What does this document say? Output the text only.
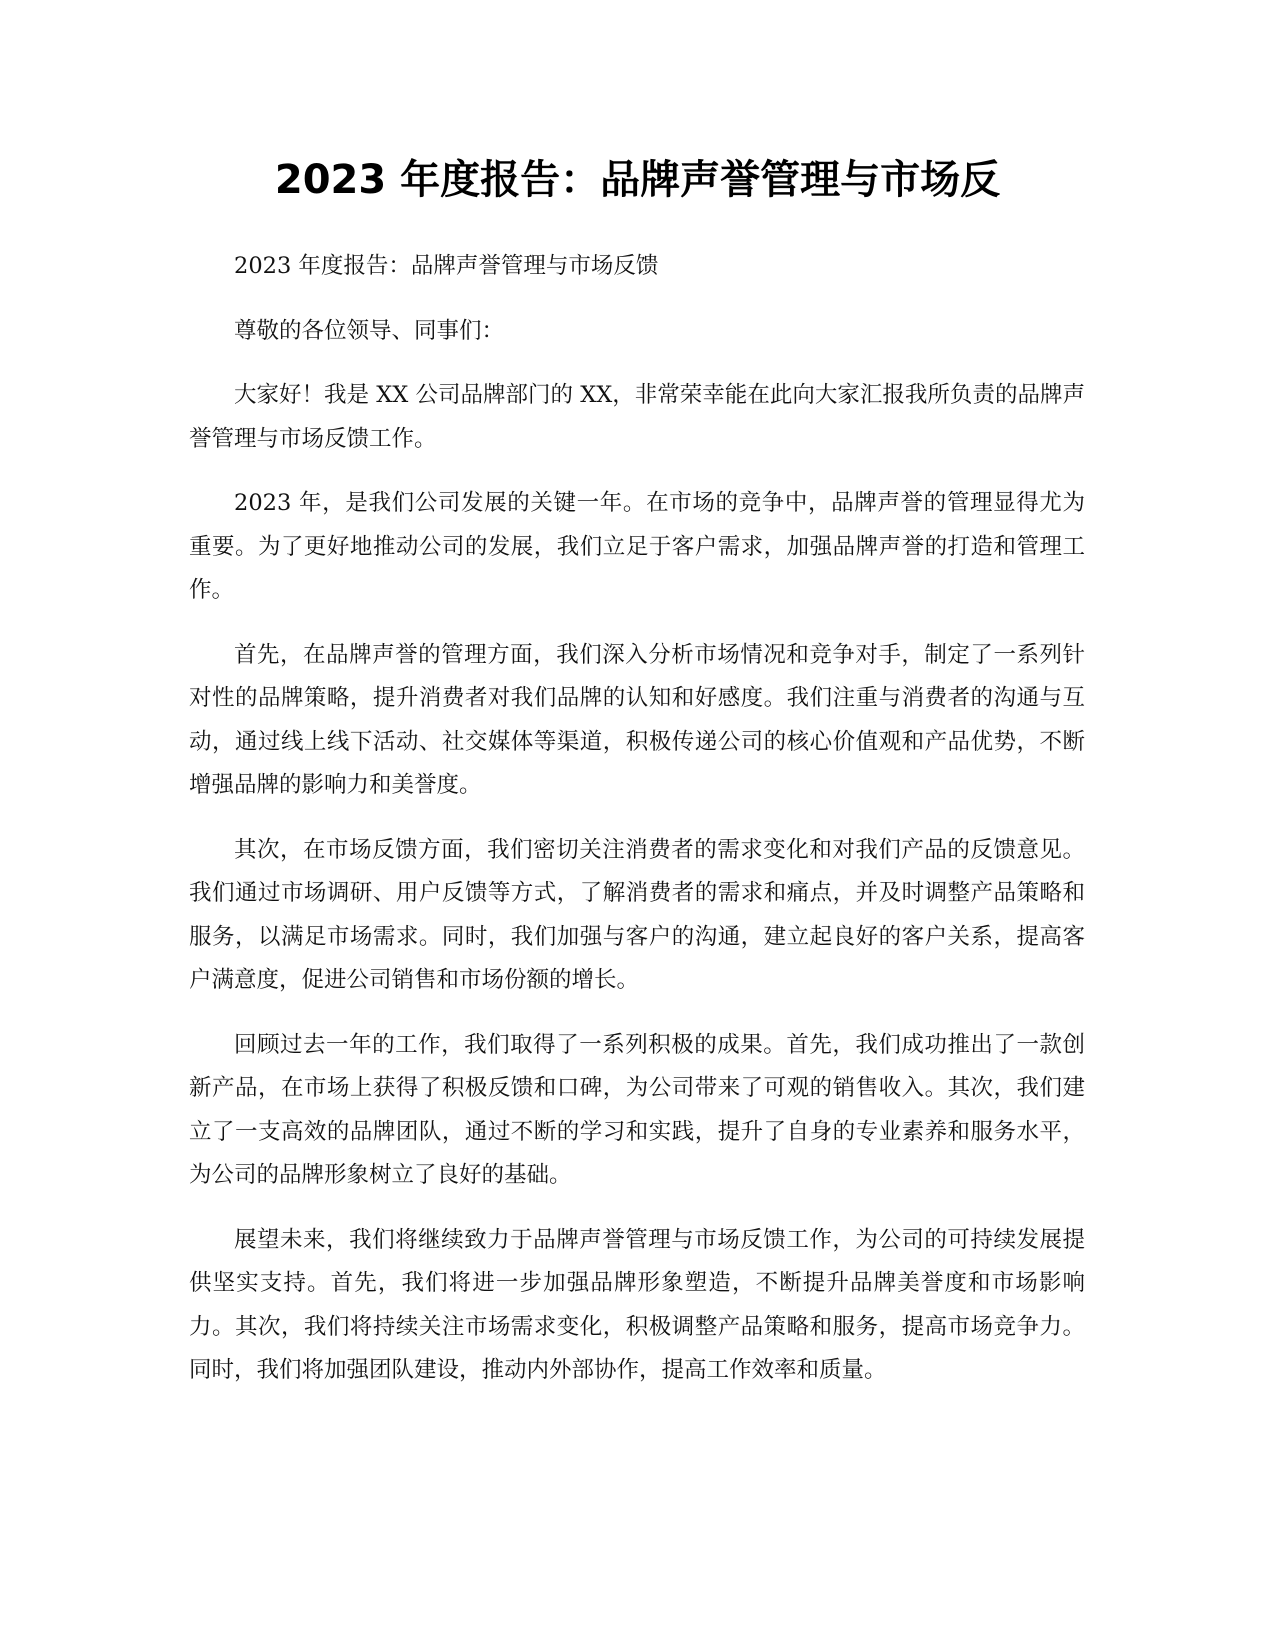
2023 年度报告：品牌声誉管理与市场反

2023 年度报告：品牌声誉管理与市场反馈

尊敬的各位领导、同事们：

大家好！我是 XX 公司品牌部门的 XX，非常荣幸能在此向大家汇报我所负责的品牌声誉管理与市场反馈工作。

2023 年，是我们公司发展的关键一年。在市场的竞争中，品牌声誉的管理显得尤为重要。为了更好地推动公司的发展，我们立足于客户需求，加强品牌声誉的打造和管理工作。

首先，在品牌声誉的管理方面，我们深入分析市场情况和竞争对手，制定了一系列针对性的品牌策略，提升消费者对我们品牌的认知和好感度。我们注重与消费者的沟通与互动，通过线上线下活动、社交媒体等渠道，积极传递公司的核心价值观和产品优势，不断增强品牌的影响力和美誉度。

其次，在市场反馈方面，我们密切关注消费者的需求变化和对我们产品的反馈意见。我们通过市场调研、用户反馈等方式，了解消费者的需求和痛点，并及时调整产品策略和服务，以满足市场需求。同时，我们加强与客户的沟通，建立起良好的客户关系，提高客户满意度，促进公司销售和市场份额的增长。

回顾过去一年的工作，我们取得了一系列积极的成果。首先，我们成功推出了一款创新产品，在市场上获得了积极反馈和口碑，为公司带来了可观的销售收入。其次，我们建立了一支高效的品牌团队，通过不断的学习和实践，提升了自身的专业素养和服务水平，为公司的品牌形象树立了良好的基础。

展望未来，我们将继续致力于品牌声誉管理与市场反馈工作，为公司的可持续发展提供坚实支持。首先，我们将进一步加强品牌形象塑造，不断提升品牌美誉度和市场影响力。其次，我们将持续关注市场需求变化，积极调整产品策略和服务，提高市场竞争力。同时，我们将加强团队建设，推动内外部协作，提高工作效率和质量。
